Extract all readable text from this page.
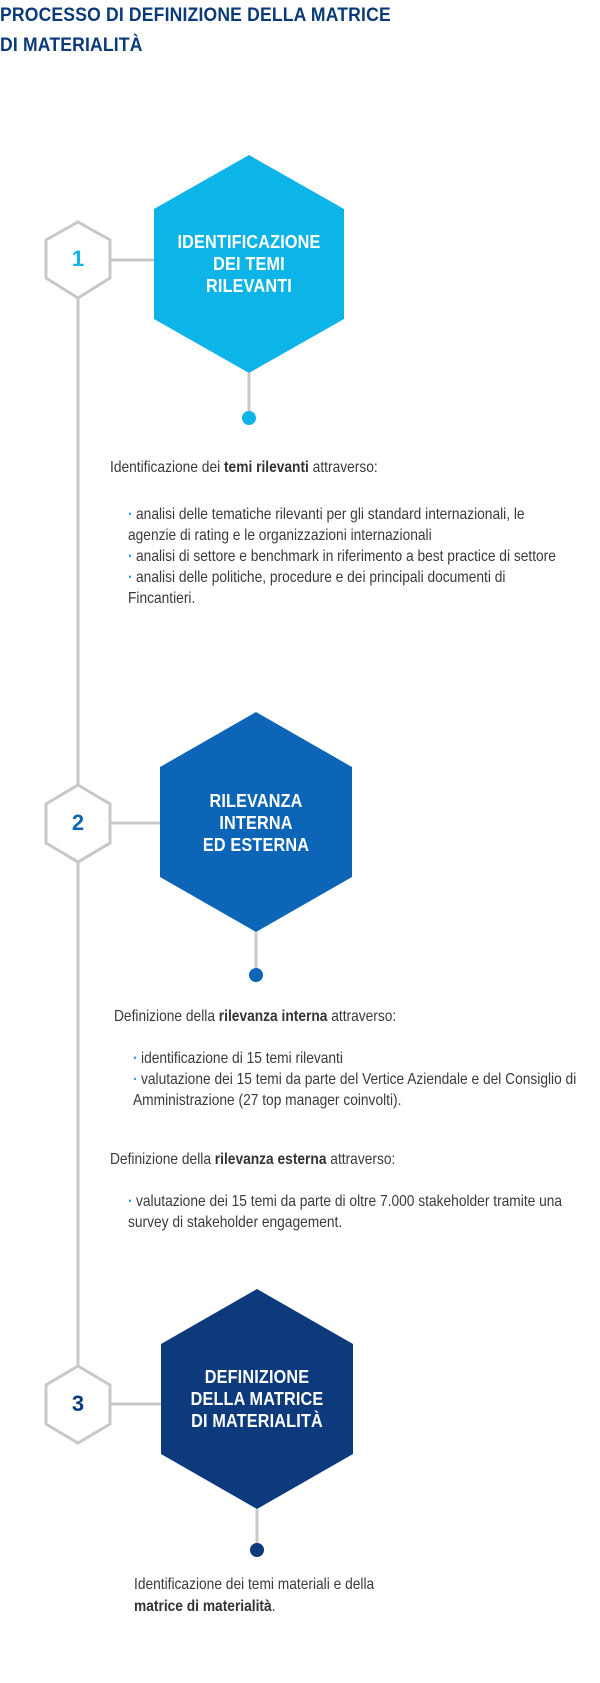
PROCESSO DI DEFINIZIONE DELLA MATRICE
DI MATERIALITÀ
1
2
3
IDENTIFICAZIONE
DEI TEMI
RILEVANTI
RILEVANZA
INTERNA
ED ESTERNA
DEFINIZIONE
DELLA MATRICE
DI MATERIALITÀ
Identificazione dei temi rilevanti attraverso:
· analisi delle tematiche rilevanti per gli standard internazionali, le agenzie di rating e le organizzazioni internazionali
· analisi di settore e benchmark in riferimento a best practice di settore
· analisi delle politiche, procedure e dei principali documenti di Fincantieri.
Definizione della rilevanza interna attraverso:
· identificazione di 15 temi rilevanti
· valutazione dei 15 temi da parte del Vertice Aziendale e del Consiglio di Amministrazione (27 top manager coinvolti).
Definizione della rilevanza esterna attraverso:
· valutazione dei 15 temi da parte di oltre 7.000 stakeholder tramite una survey di stakeholder engagement.
Identificazione dei temi materiali e della
matrice di materialità.
